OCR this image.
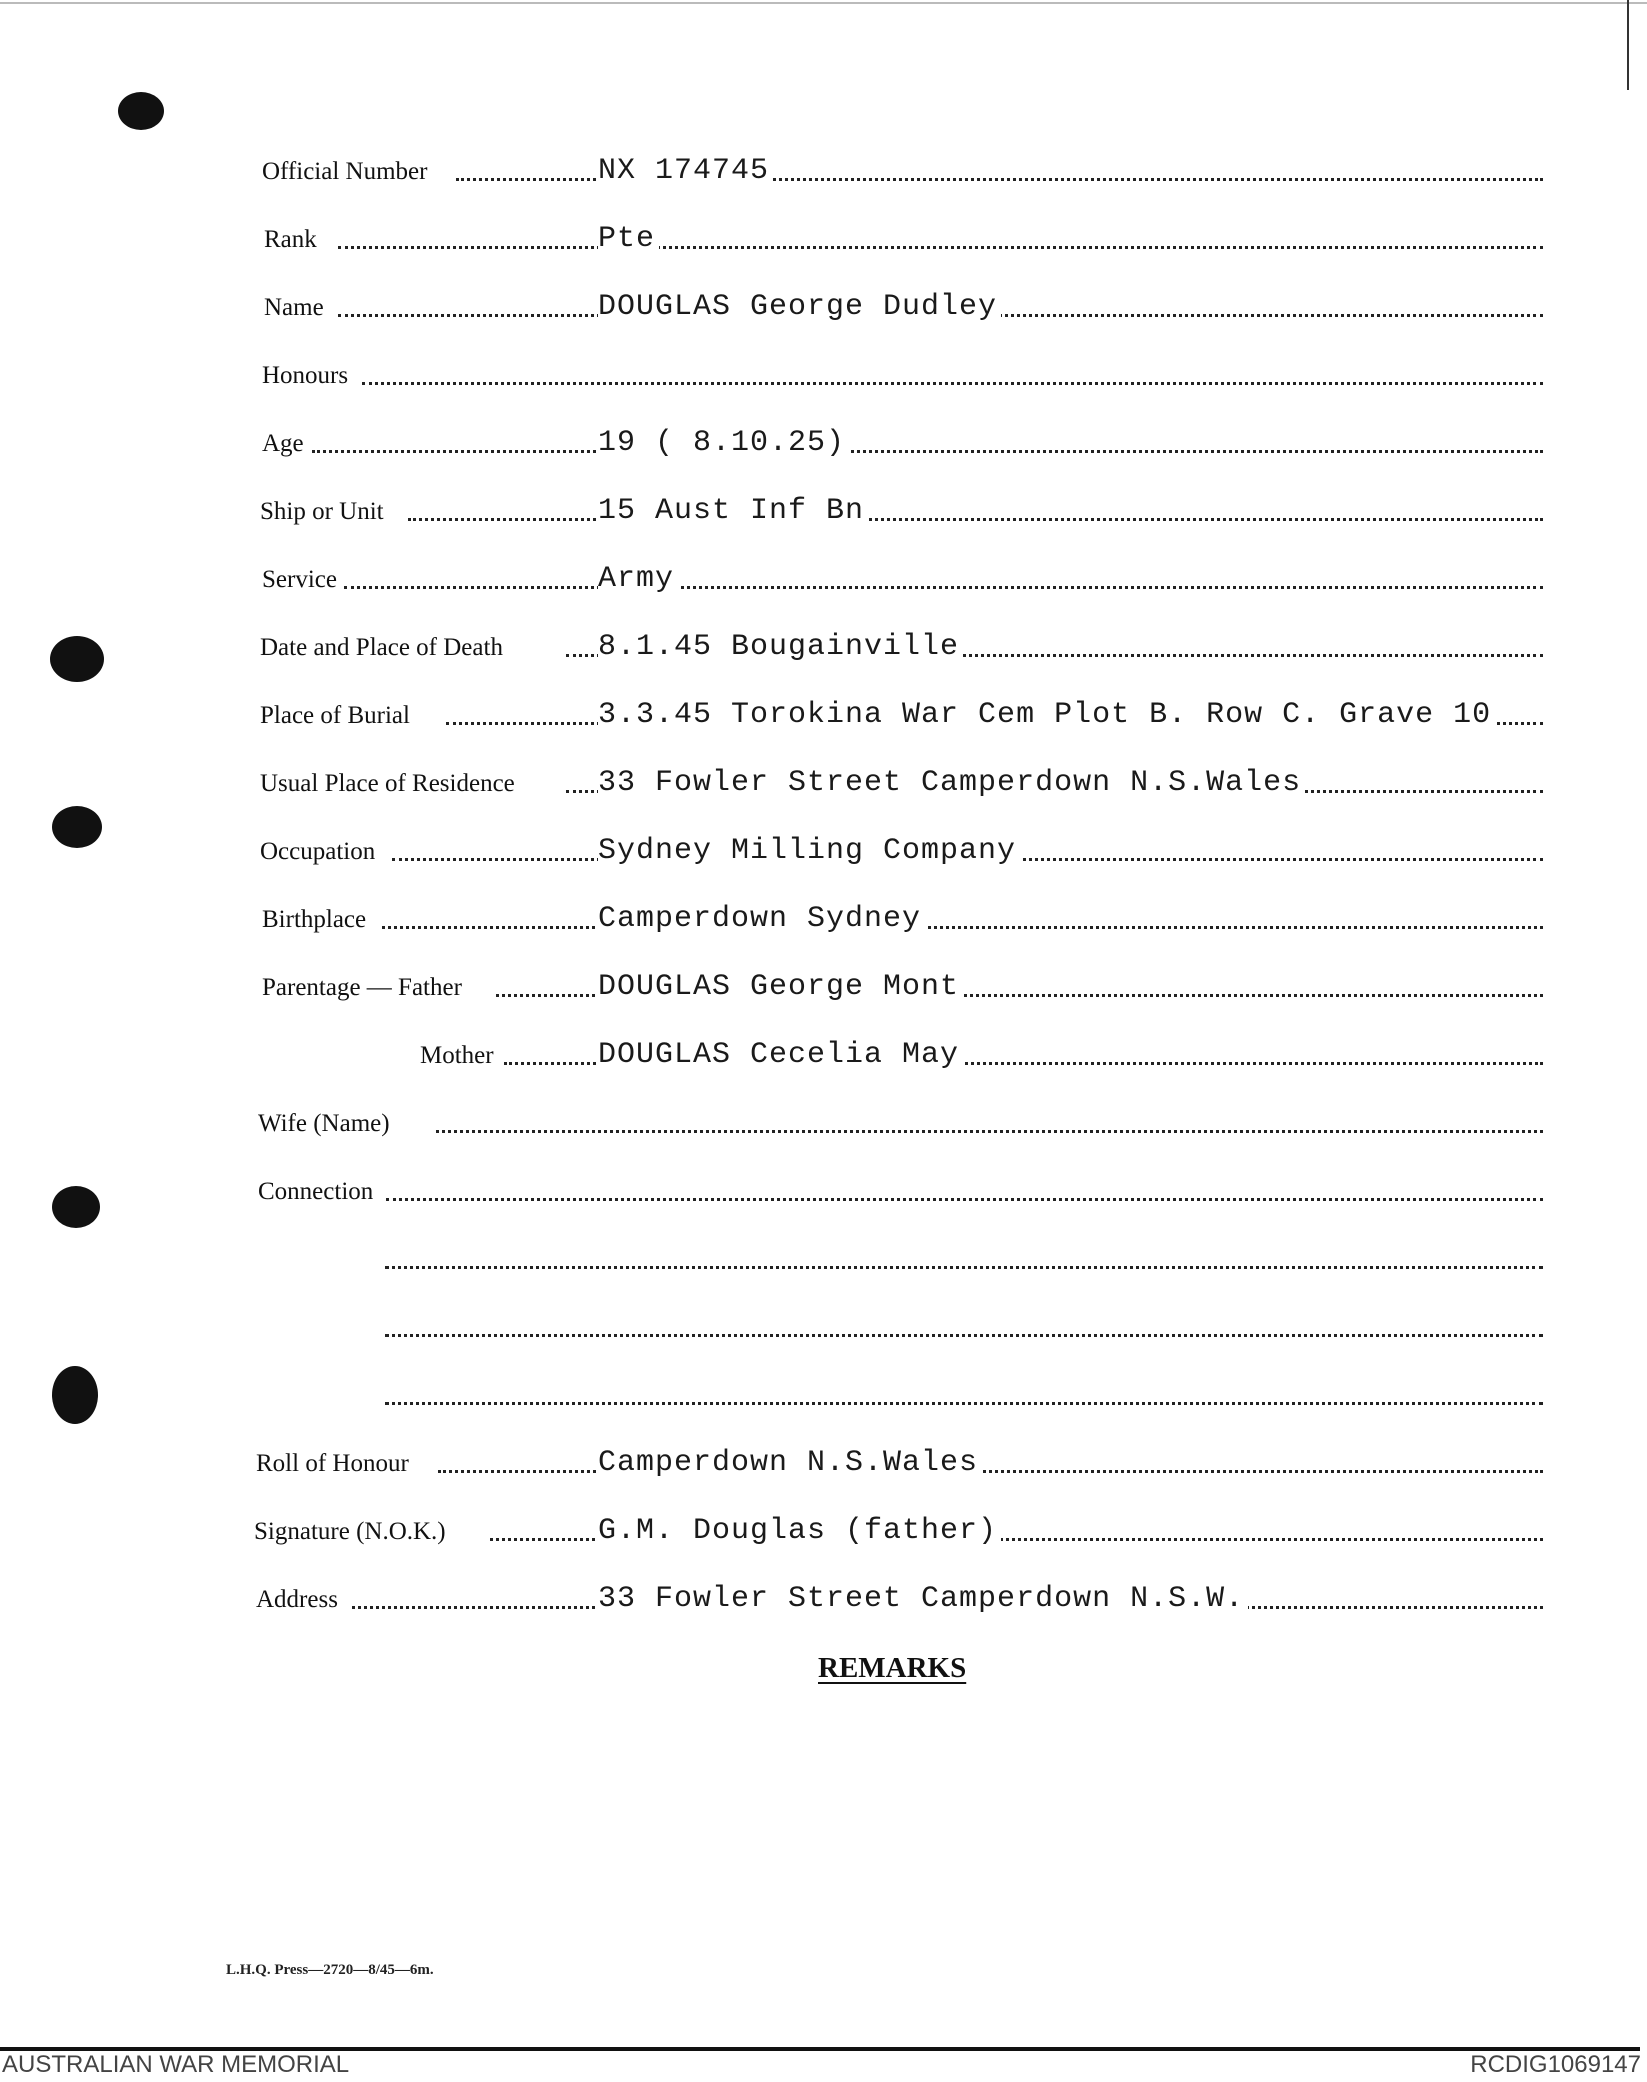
Official Number	NX 174745
Rank	Pte
Name	DOUGLAS George Dudley
Honours
Age	19 ( 8.10.25)
Ship or Unit	15 Aust Inf Bn
Service	Army
Date and Place of Death	8.1.45 Bougainville
Place of Burial	3.3.45 Torokina War Cem Plot B. Row C. Grave 10
Usual Place of Residence	33 Fowler Street Camperdown N.S.Wales
Occupation	Sydney Milling Company
Birthplace	Camperdown Sydney
Parentage — Father	DOUGLAS George Mont
Mother	DOUGLAS Cecelia May
Wife (Name)
Connection
Roll of Honour	Camperdown N.S.Wales
Signature (N.O.K.)	G.M. Douglas (father)
Address	33 Fowler Street Camperdown N.S.W.
REMARKS
L.H.Q. Press—2720—8/45—6m.
AUSTRALIAN WAR MEMORIAL	RCDIG1069147
